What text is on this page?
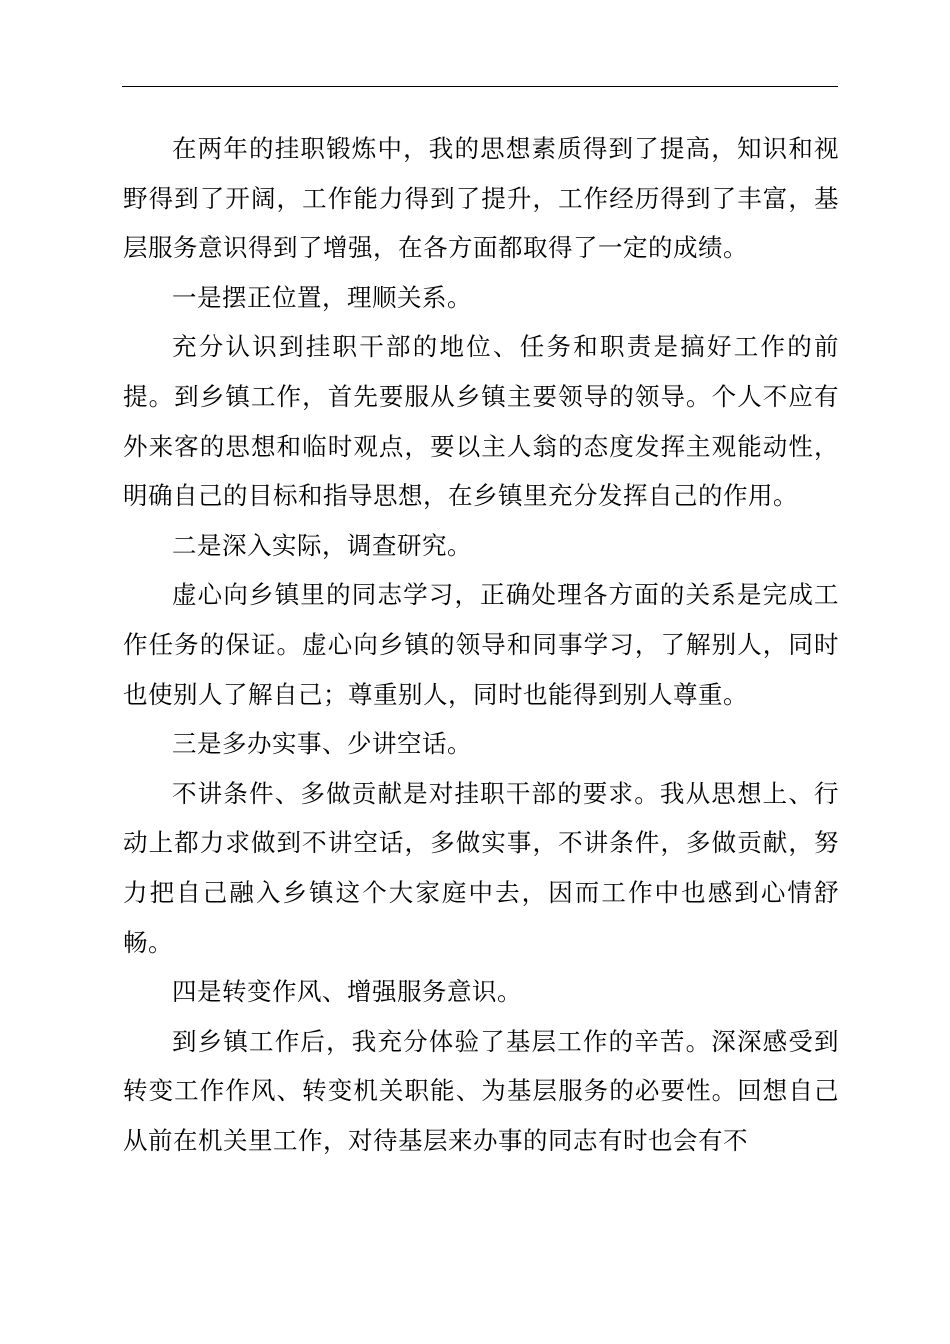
在两年的挂职锻炼中，我的思想素质得到了提高，知识和视野得到了开阔，工作能力得到了提升，工作经历得到了丰富，基层服务意识得到了增强，在各方面都取得了一定的成绩。

一是摆正位置，理顺关系。

充分认识到挂职干部的地位、任务和职责是搞好工作的前提。到乡镇工作，首先要服从乡镇主要领导的领导。个人不应有外来客的思想和临时观点，要以主人翁的态度发挥主观能动性，明确自己的目标和指导思想，在乡镇里充分发挥自己的作用。

二是深入实际，调查研究。

虚心向乡镇里的同志学习，正确处理各方面的关系是完成工作任务的保证。虚心向乡镇的领导和同事学习，了解别人，同时也使别人了解自己；尊重别人，同时也能得到别人尊重。

三是多办实事、少讲空话。

不讲条件、多做贡献是对挂职干部的要求。我从思想上、行动上都力求做到不讲空话，多做实事，不讲条件，多做贡献，努力把自己融入乡镇这个大家庭中去，因而工作中也感到心情舒畅。

四是转变作风、增强服务意识。

到乡镇工作后，我充分体验了基层工作的辛苦。深深感受到转变工作作风、转变机关职能、为基层服务的必要性。回想自己从前在机关里工作，对待基层来办事的同志有时也会有不
